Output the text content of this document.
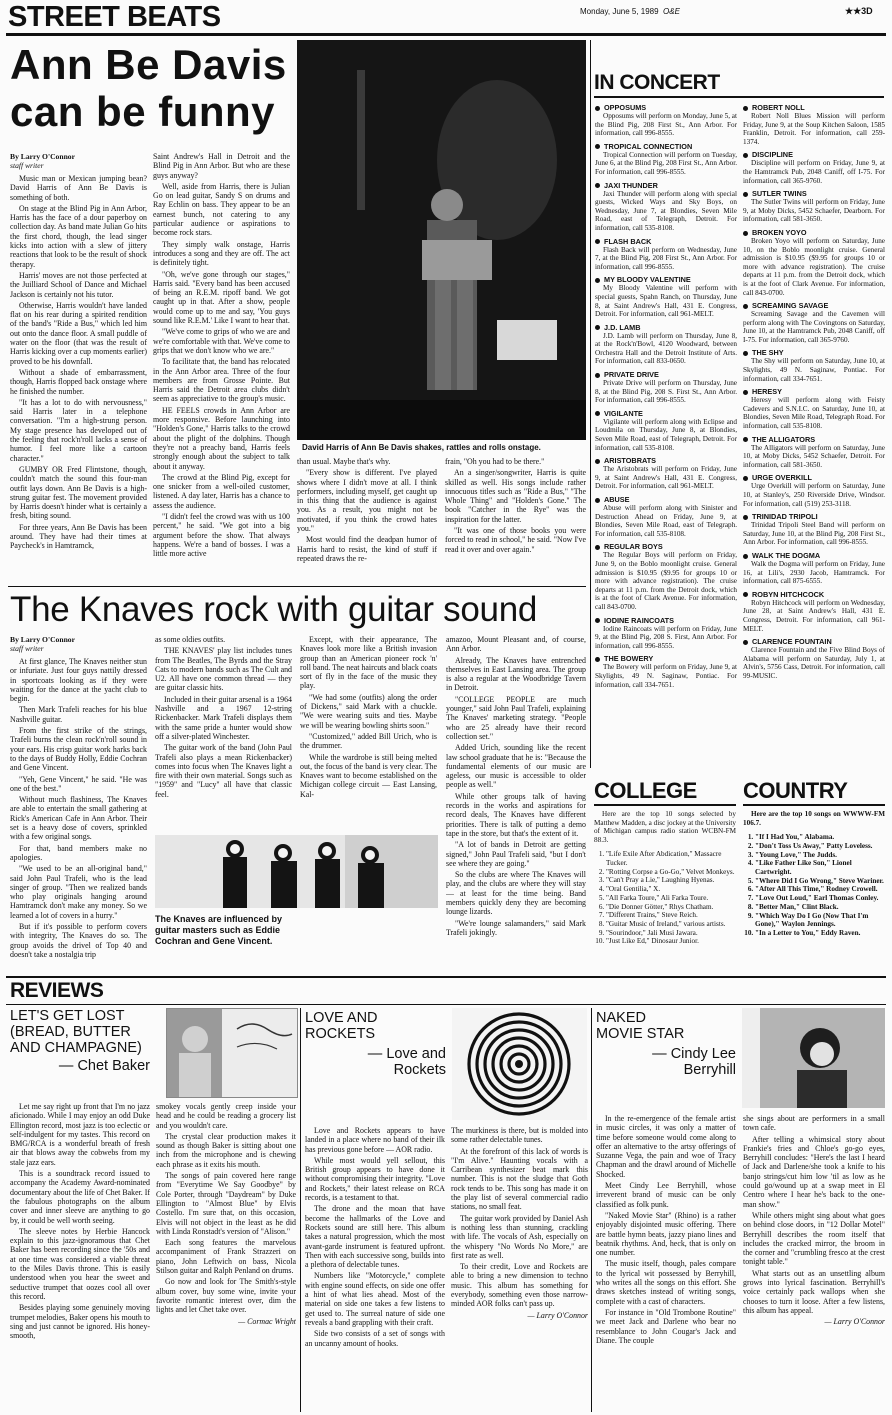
STREET BEATS	Monday, June 5, 1989 O&E	★★3D
Ann Be Davis
can be funny
By Larry O'Connor
staff writer

Music man or Mexican jumping bean? David Harris of Ann Be Davis is something of both.

On stage at the Blind Pig in Ann Arbor, Harris has the face of a dour paperboy on collection day. As band mate Julian Go hits the first chord, though, the lead singer kicks into action with a slew of jittery reactions that look to be the result of shock therapy.

Harris' moves are not those perfected at the Juilliard School of Dance and Michael Jackson is certainly not his tutor.

Otherwise, Harris wouldn't have landed flat on his rear during a spirited rendition of the band's "Ride a Bus," which led him out onto the dance floor. A small puddle of water on the floor (that was the result of Harris kicking over a cup moments earlier) proved to be his downfall.

Without a shade of embarrassment, though, Harris flopped back onstage where he finished the number.

"It has a lot to do with nervousness," said Harris later in a telephone conversation. "I'm a high-strung person. My stage presence has developed out of the feeling that rock'n'roll lacks a sense of humor. I feel more like a cartoon character."

GUMBY OR Fred Flintstone, though, couldn't match the sound this four-man outfit lays down. Ann Be Davis is a high-strung guitar fest. The movement provided by Harris doesn't hinder what is certainly a fresh, biting sound.

For three years, Ann Be Davis has been around. They have had their times at Paycheck's in Hamtramck,

Saint Andrew's Hall in Detroit and the Blind Pig in Ann Arbor. But who are these guys anyway?

Well, aside from Harris, there is Julian Go on lead guitar, Sandy S on drums and Ray Echlin on bass. They appear to be an earnest bunch, not catering to any particular audience or aspirations to become rock stars.

They simply walk onstage, Harris introduces a song and they are off. The act is definitely tight.

"Oh, we've gone through our stages," Harris said. "Every band has been accused of being an R.E.M. ripoff band. We got caught up in that. After a show, people would come up to me and say, 'You guys sound like R.E.M.' Like I want to hear that.

"We've come to grips of who we are and we're comfortable with that. We've come to grips that we don't know who we are."

To facilitate that, the band has relocated in the Ann Arbor area. Three of the four members are from Grosse Pointe. But Harris said the Detroit area clubs didn't seem as appreciative to the group's music.

HE FEELS crowds in Ann Arbor are more responsive. Before launching into "Holden's Gone," Harris talks to the crowd about the plight of the dolphins. Though they're not a preachy band, Harris feels strongly enough about the subject to talk about it anyway.

The crowd at the Blind Pig, except for one snicker from a well-oiled customer, listened. A day later, Harris has a chance to assess the audience.

"I didn't feel the crowd was with us 100 percent," he said. "We got into a big argument before the show. That always happens. We're a band of bosses. I was a little more active

David Harris of Ann Be Davis shakes, rattles and rolls onstage.

than usual. Maybe that's why.

"Every show is different. I've played shows where I didn't move at all. I think performers, including myself, get caught up in this thing that the audience is against you. As a result, you might not be motivated, if you think the crowd hates you."

Most would find the deadpan humor of Harris hard to resist, the kind of stuff if repeated draws the re-

frain, "Oh you had to be there."

An a singer/songwriter, Harris is quite skilled as well. His songs include rather innocuous titles such as "Ride a Bus," "The Whole Thing" and "Holden's Gone." The book "Catcher in the Rye" was the inspiration for the latter.

"It was one of those books you were forced to read in school," he said. "Now I've read it over and over again."

IN CONCERT
OPPOSUMS
Opposums will perform on Monday, June 5, at the Blind Pig, 208 First St., Ann Arbor. For information, call 996-8555.
TROPICAL CONNECTION
Tropical Connection will perform on Tuesday, June 6, at the Blind Pig, 208 First St., Ann Arbor. For information, call 996-8555.
JAXI THUNDER
Jaxi Thunder will perform along with special guests, Wicked Ways and Sky Boys, on Wednesday, June 7, at Blondies, Seven Mile Road, east of Telegraph, Detroit. For information, call 535-8108.
FLASH BACK
Flash Back will perform on Wednesday, June 7, at the Blind Pig, 208 First St., Ann Arbor. For information, call 996-8555.
MY BLOODY VALENTINE
My Bloody Valentine will perform with special guests, Spahn Ranch, on Thursday, June 8, at Saint Andrew's Hall, 431 E. Congress, Detroit. For information, call 961-MELT.
J.D. LAMB
J.D. Lamb will perform on Thursday, June 8, at the Rock'n'Bowl, 4120 Woodward, between Orchestra Hall and the Detroit Institute of Arts. For information, call 833-0650.
PRIVATE DRIVE
Private Drive will perform on Thursday, June 8, at the Blind Pig, 208 S. First St., Ann Arbor. For information, call 996-8555.
VIGILANTE
Vigilante will perform along with Eclipse and Loudmila on Thursday, June 8, at Blondies, Seven Mile Road, east of Telegraph, Detroit. For information, call 535-8108.
ARISTOBRATS
The Aristobrats will perform on Friday, June 9, at Saint Andrew's Hall, 431 E. Congress, Detroit. For information, call 961-MELT.
ABUSE
Abuse will perform along with Sinister and Destruction Ahead on Friday, June 9, at Blondies, Seven Mile Road, east of Telegraph. For information, call 535-8108.
REGULAR BOYS
The Regular Boys will perform on Friday, June 9, on the Boblo moonlight cruise. General admission is $10.95 ($9.95 for groups 10 or more with advance registration). The cruise departs at 11 p.m. from the Detroit dock, which is at the foot of Clark Avenue. For information, call 843-0700.
IODINE RAINCOATS
Iodine Raincoats will perform on Friday, June 9, at the Blind Pig, 208 S. First, Ann Arbor. For information, call 996-8555.
THE BOWERY
The Bowery will perform on Friday, June 9, at Skylights, 49 N. Saginaw, Pontiac. For information, call 334-7651.
ROBERT NOLL
Robert Noll Blues Mission will perform Friday, June 9, at the Soup Kitchen Saloon, 1585 Franklin, Detroit. For information, call 259-1374.
DISCIPLINE
Discipline will perform on Friday, June 9, at the Hamtramck Pub, 2048 Caniff, off I-75. For information, call 365-9760.
SUTLER TWINS
The Sutler Twins will perform on Friday, June 9, at Moby Dicks, 5452 Schaefer, Dearborn. For information, call 581-3650.
BROKEN YOYO
Broken Yoyo will perform on Saturday, June 10, on the Boblo moonlight cruise. General admission is $10.95 ($9.95 for groups 10 or more with advance registration). The cruise departs at 11 p.m. from the Detroit dock, which is at the foot of Clark Avenue. For information, call 843-0700.
SCREAMING SAVAGE
Screaming Savage and the Cavemen will perform along with The Covingtons on Saturday, June 10, at the Hamtramck Pub, 2048 Caniff, off I-75. For information, call 365-9760.
THE SHY
The Shy will perform on Saturday, June 10, at Skylights, 49 N. Saginaw, Pontiac. For information, call 334-7651.
HERESY
Heresy will perform along with Feisty Cadevers and S.N.I.C. on Saturday, June 10, at Blondies, Seven Mile Road, Telegraph Road. For information, call 535-8108.
THE ALLIGATORS
The Alligators will perform on Saturday, June 10, at Moby Dicks, 5452 Schaefer, Detroit. For information, call 581-3650.
URGE OVERKILL
Urge Overkill will perform on Saturday, June 10, at Stanley's, 250 Riverside Drive, Windsor. For information, call (519) 253-3118.
TRINIDAD TRIPOLI
Trinidad Tripoli Steel Band will perform on Saturday, June 10, at the Blind Pig, 208 First St., Ann Arbor. For information, call 996-8555.
WALK THE DOGMA
Walk the Dogma will perform on Friday, June 16, at Lili's, 2930 Jacob, Hamtramck. For information, call 875-6555.
ROBYN HITCHCOCK
Robyn Hitchcock will perform on Wednesday, June 28, at Saint Andrew's Hall, 431 E. Congress, Detroit. For information, call 961-MELT.
CLARENCE FOUNTAIN
Clarence Fountain and the Five Blind Boys of Alabama will perform on Saturday, July 1, at Alvin's, 5756 Cass, Detroit. For information, call 99-MUSIC.
The Knaves rock with guitar sound
By Larry O'Connor
staff writer

At first glance, The Knaves neither stun or infuriate. Just four guys nattily dressed in sportcoats looking as if they were waiting for the dance at the yacht club to begin.

Then Mark Trafeli reaches for his blue Nashville guitar.

From the first strike of the strings, Trafeli burns the clean rock'n'roll sound in your ears. His crisp guitar work harks back to the days of Buddy Holly, Eddie Cochran and Gene Vincent.

"Yeh, Gene Vincent," he said. "He was one of the best."

Without much flashiness, The Knaves are able to entertain the small gathering at Rick's American Cafe in Ann Arbor. Their set is a heavy dose of covers, sprinkled with a few original songs.

For that, band members make no apologies.

"We used to be an all-original band," said John Paul Trafeli, who is the lead singer of group. "Then we realized bands who play originals hanging around Hamtramck don't make any money. So we learned a lot of covers in a hurry."

But if it's possible to perform covers with integrity, The Knaves do so. The group avoids the drivel of Top 40 and doesn't take a nostalgia trip

as some oldies outfits.

THE KNAVES' play list includes tunes from The Beatles, The Byrds and the Stray Cats to modern bands such as The Cult and U2. All have one common thread — they are guitar classic hits.

Included in their guitar arsenal is a 1964 Nashville and a 1967 12-string Rickenbacker. Mark Trafeli displays them with the same pride a hunter would show off a silver-plated Winchester.

The guitar work of the band (John Paul Trafeli also plays a mean Rickenbacker) comes into focus when The Knaves light a fire with their own material. Songs such as "1959" and "Lucy" all have that classic feel.

Except, with their appearance, The Knaves look more like a British invasion group than an American pioneer rock 'n' roll band. The neat haircuts and black coats sort of fly in the face of the music they play.

"We had some (outfits) along the order of Dickens," said Mark with a chuckle. "We were wearing suits and ties. Maybe we will be wearing bowling shirts soon."

"Customized," added Bill Urich, who is the drummer.

While the wardrobe is still being melted out, the focus of the band is very clear. The Knaves want to become established on the Michigan college circuit — East Lansing, Kal-

amazoo, Mount Pleasant and, of course, Ann Arbor.

Already, The Knaves have entrenched themselves in East Lansing area. The group is also a regular at the Woodbridge Tavern in Detroit.

"COLLEGE PEOPLE are much younger," said John Paul Trafeli, explaining The Knaves' marketing strategy. "People who are 25 already have their record collection set."

Added Urich, sounding like the recent law school graduate that he is: "Because the fundamental elements of our music are ageless, our music is accessible to older people as well."

While other groups talk of having records in the works and aspirations for record deals, The Knaves have different priorities. There is talk of putting a demo tape in the store, but that's the extent of it.

"A lot of bands in Detroit are getting signed," John Paul Trafeli said, "but I don't see where they are going."

So the clubs are where The Knaves will play, and the clubs are where they will stay — at least for the time being. Band members quickly deny they are becoming lounge lizards.

"We're lounge salamanders," said Mark Trafeli jokingly.

The Knaves are influenced by guitar masters such as Eddie Cochran and Gene Vincent.
COLLEGE
Here are the top 10 songs selected by Matthew Madden, a disc jockey at the University of Michigan campus radio station WCBN-FM 88.3.
1. "Life Exile After Abdication," Massacre Tucker.
2. "Rotting Corpse a Go-Go," Velvet Monkeys.
3. "Can't Pray a Lie," Laughing Hyenas.
4. "Oral Gentilia," X.
5. "All Farka Toure," Ali Farka Toure.
6. "Die Donner Götter," Rhys Chatham.
7. "Different Trains," Steve Reich.
8. "Guitar Music of Ireland," various artists.
9. "Sourindoor," Jali Musi Jawara.
10. "Just Like Ed," Dinosaur Junior.
COUNTRY
Here are the top 10 songs on WWWW-FM 106.7.
1. "If I Had You," Alabama.
2. "Don't Toss Us Away," Patty Loveless.
3. "Young Love," The Judds.
4. "Like Father Like Son," Lionel Cartwright.
5. "Where Did I Go Wrong," Steve Wariner.
6. "After All This Time," Rodney Crowell.
7. "Love Out Loud," Earl Thomas Conley.
8. "Better Man," Clint Black.
9. "Which Way Do I Go (Now That I'm Gone)," Waylon Jennings.
10. "In a Letter to You," Eddy Raven.
REVIEWS
LET'S GET LOST
(BREAD, BUTTER
AND CHAMPAGNE)
— Chet Baker

Let me say right up front that I'm no jazz aficionado. While I may enjoy an odd Duke Ellington record, most jazz is too eclectic or self-indulgent for my tastes. This record on BMG/RCA is a wonderful breath of fresh air that blows away the cobwebs from my stale jazz ears.

This is a soundtrack record issued to accompany the Academy Award-nominated documentary about the life of Chet Baker. If the fabulous photographs on the album cover and inner sleeve are anything to go by, it could be well worth seeing.

The sleeve notes by Herbie Hancock explain to this jazz-ignoramous that Chet Baker has been recording since the '50s and at one time was considered a viable threat to the Miles Davis throne. This is easily understood when you hear the sweet and seductive trumpet that oozes cool all over this record.

Besides playing some genuinely moving trumpet melodies, Baker opens his mouth to sing and just cannot be ignored. His honey-smooth,

smokey vocals gently creep inside your head and he could be reading a grocery list and you wouldn't care.

The crystal clear production makes it sound as though Baker is sitting about one inch from the microphone and is chewing each phrase as it exits his mouth.

The songs of pain covered here range from "Everytime We Say Goodbye" by Cole Porter, through "Daydream" by Duke Ellington to "Almost Blue" by Elvis Costello. I'm sure that, on this occasion, Elvis will not object in the least as he did with Linda Ronstadt's version of "Alison."

Each song features the marvelous accompaniment of Frank Strazzeri on piano, John Leftwich on bass, Nicola Stilson guitar and Ralph Penland on drums.

Go now and look for The Smith's-style album cover, buy some wine, invite your favorite romantic interest over, dim the lights and let Chet take over.

— Cormac Wright
LOVE AND
ROCKETS
— Love and
Rockets

Love and Rockets appears to have landed in a place where no band of their ilk has previous gone before — AOR radio.

While most would yell sellout, this British group appears to have done it without compromising their integrity. "Love and Rockets," their latest release on RCA records, is a testament to that.

The drone and the moan that have become the hallmarks of the Love and Rockets sound are still here. This album takes a natural progression, which the most avant-garde instrument is featured upfront. Then with each successive song, builds into a plethora of delectable tunes.

Numbers like "Motorcycle," complete with engine sound effects, on side one offer a hint of what lies ahead. Most of the material on side one takes a few listens to get used to. The surreal nature of side one reveals a band grappling with their craft.

Side two consists of a set of songs with an uncanny amount of hooks.

The murkiness is there, but is molded into some rather delectable tunes.

At the forefront of this lack of words is "I'm Alive." Haunting vocals with a Carribean synthesizer beat mark this number. This is not the sludge that Goth rock tends to be. This song has made it on the play list of several commercial radio stations, no small feat.

The guitar work provided by Daniel Ash is nothing less than stunning, crackling with life. The vocals of Ash, especially on the whispery "No Words No More," are first rate as well.

To their credit, Love and Rockets are able to bring a new dimension to techno music. This album has something for everybody, something even those narrow-minded AOR folks can't pass up.

— Larry O'Connor
NAKED
MOVIE STAR
— Cindy Lee
Berryhill

In the re-emergence of the female artist in music circles, it was only a matter of time before someone would come along to offer an alternative to the artsy offerings of Suzanne Vega, the pain and woe of Tracy Chapman and the drawl around of Michelle Shocked.

Meet Cindy Lee Berryhill, whose irreverent brand of music can be only classified as folk punk.

"Naked Movie Star" (Rhino) is a rather enjoyably disjointed music offering. There are battle hymn beats, jazzy piano lines and beatnik rhythms. And, heck, that is only on one number.

The music itself, though, pales compare to the lyrical wit possessed by Berryhill, who writes all the songs on this effort. She draws sketches instead of writing songs, complete with a cast of characters.

For instance in "Old Trombone Routine" we meet Jack and Darlene who bear no resemblance to John Cougar's Jack and Diane. The couple

she sings about are performers in a small town cafe.

After telling a whimsical story about Frankie's fries and Chloe's go-go eyes, Berryhill concludes: "Here's the last I heard of Jack and Darlene/she took a knife to his banjo strings/cut him low 'til as low as he could go/wound up at a swap meet in El Centro where I hear he's back to the one-man show."

While others might sing about what goes on behind close doors, in "12 Dollar Motel" Berryhill describes the room itself that includes the cracked mirror, the broom in the corner and "crumbling fresco at the crest tonight table."

What starts out as an unsettling album grows into lyrical fascination. Berryhill's voice certainly pack wallops when she chooses to turn it loose. After a few listens, this album has appeal.

— Larry O'Connor
